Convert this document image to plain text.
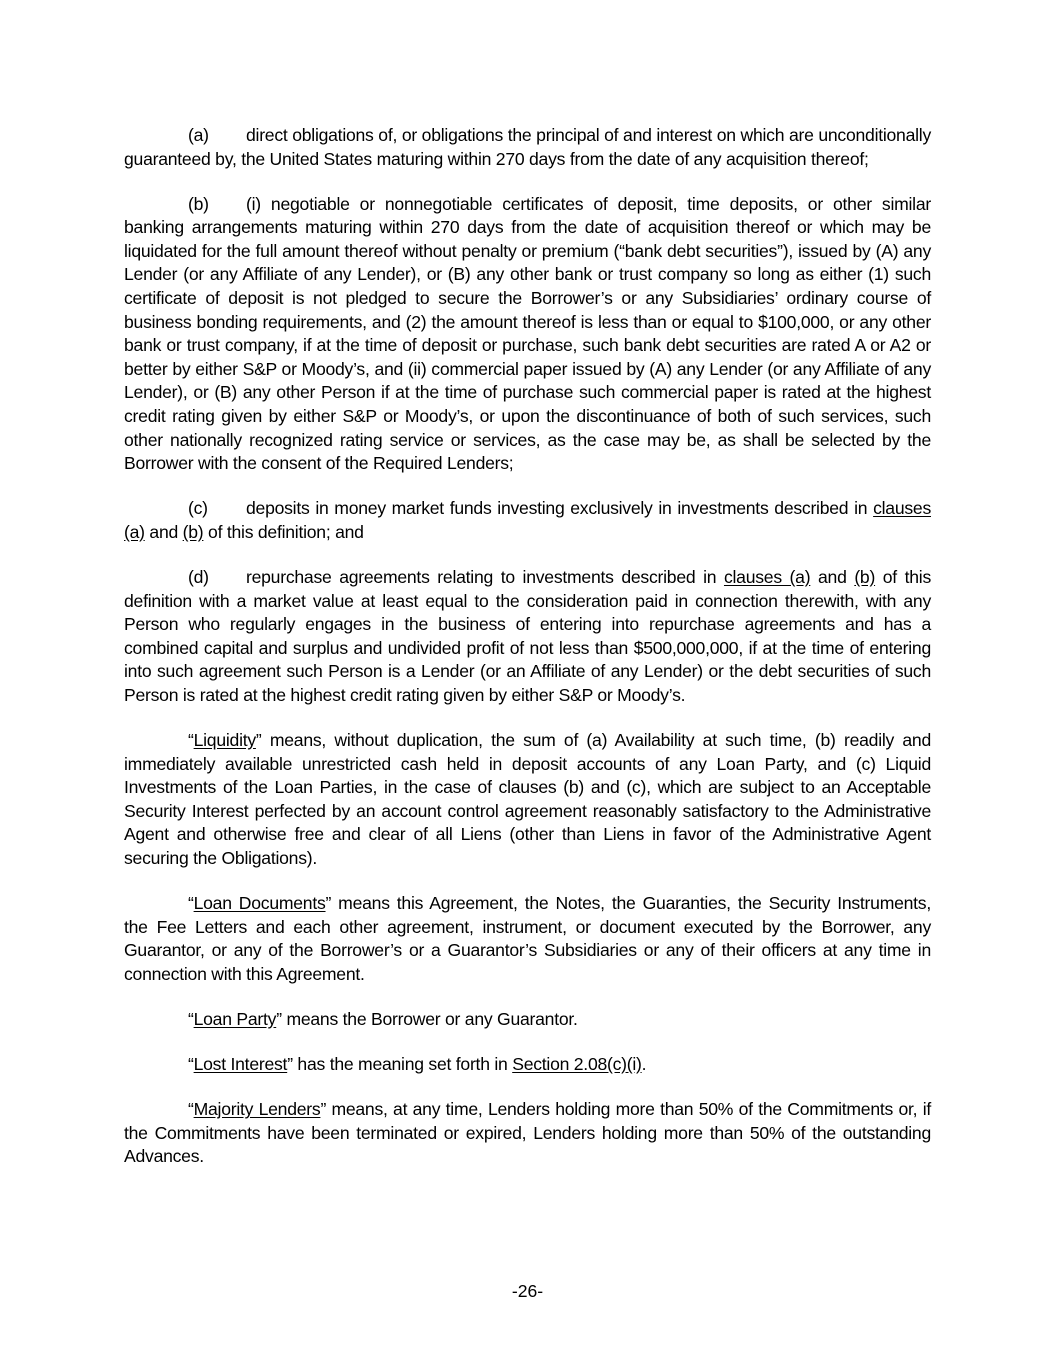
(a) direct obligations of, or obligations the principal of and interest on which are unconditionally guaranteed by, the United States maturing within 270 days from the date of any acquisition thereof;

(b) (i) negotiable or nonnegotiable certificates of deposit, time deposits, or other similar banking arrangements maturing within 270 days from the date of acquisition thereof or which may be liquidated for the full amount thereof without penalty or premium (“bank debt securities”), issued by (A) any Lender (or any Affiliate of any Lender), or (B) any other bank or trust company so long as either (1) such certificate of deposit is not pledged to secure the Borrower’s or any Subsidiaries’ ordinary course of business bonding requirements, and (2) the amount thereof is less than or equal to $100,000, or any other bank or trust company, if at the time of deposit or purchase, such bank debt securities are rated A or A2 or better by either S&P or Moody’s, and (ii) commercial paper issued by (A) any Lender (or any Affiliate of any Lender), or (B) any other Person if at the time of purchase such commercial paper is rated at the highest credit rating given by either S&P or Moody’s, or upon the discontinuance of both of such services, such other nationally recognized rating service or services, as the case may be, as shall be selected by the Borrower with the consent of the Required Lenders;

(c) deposits in money market funds investing exclusively in investments described in clauses (a) and (b) of this definition; and

(d) repurchase agreements relating to investments described in clauses (a) and (b) of this definition with a market value at least equal to the consideration paid in connection therewith, with any Person who regularly engages in the business of entering into repurchase agreements and has a combined capital and surplus and undivided profit of not less than $500,000,000, if at the time of entering into such agreement such Person is a Lender (or an Affiliate of any Lender) or the debt securities of such Person is rated at the highest credit rating given by either S&P or Moody’s.

“Liquidity” means, without duplication, the sum of (a) Availability at such time, (b) readily and immediately available unrestricted cash held in deposit accounts of any Loan Party, and (c) Liquid Investments of the Loan Parties, in the case of clauses (b) and (c), which are subject to an Acceptable Security Interest perfected by an account control agreement reasonably satisfactory to the Administrative Agent and otherwise free and clear of all Liens (other than Liens in favor of the Administrative Agent securing the Obligations).

“Loan Documents” means this Agreement, the Notes, the Guaranties, the Security Instruments, the Fee Letters and each other agreement, instrument, or document executed by the Borrower, any Guarantor, or any of the Borrower’s or a Guarantor’s Subsidiaries or any of their officers at any time in connection with this Agreement.

“Loan Party” means the Borrower or any Guarantor.

“Lost Interest” has the meaning set forth in Section 2.08(c)(i).

“Majority Lenders” means, at any time, Lenders holding more than 50% of the Commitments or, if the Commitments have been terminated or expired, Lenders holding more than 50% of the outstanding Advances.

-26-
